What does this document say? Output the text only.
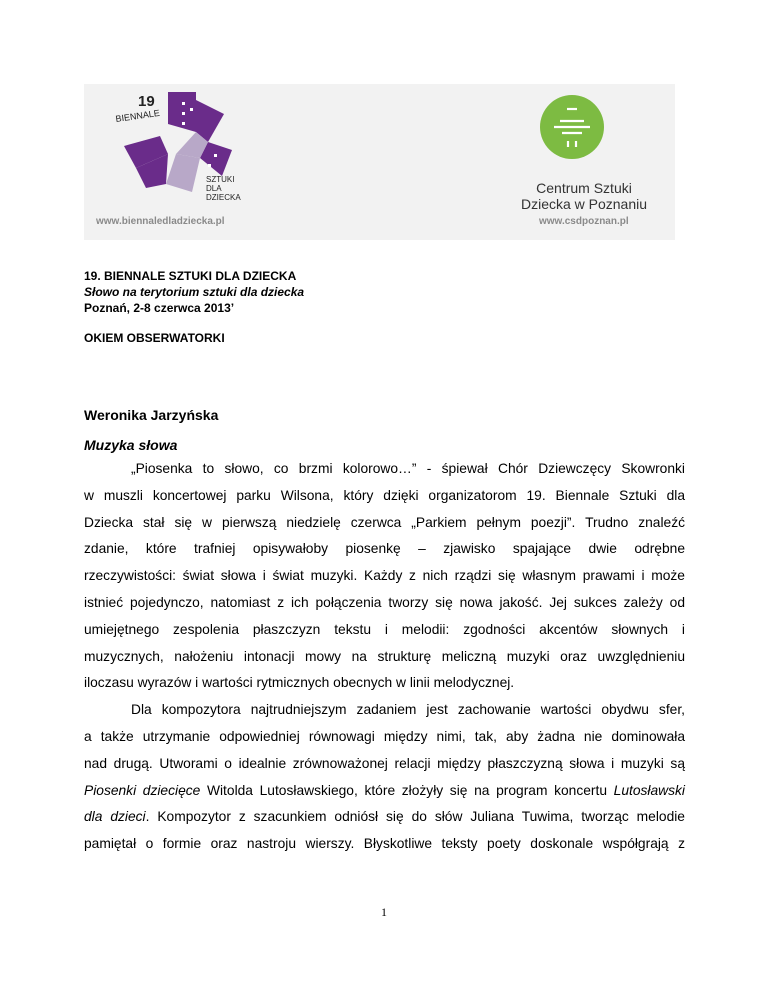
19
BIENNALE
SZTUKI
DLA
DZIECKA
www.biennaledladziecka.pl
Centrum Sztuki
Dziecka w Poznaniu
www.csdpoznan.pl
19. BIENNALE SZTUKI DLA DZIECKA
Słowo na terytorium sztuki dla dziecka
Poznań, 2-8 czerwca 2013’
OKIEM OBSERWATORKI
Weronika Jarzyńska
Muzyka słowa
„Piosenka to słowo, co brzmi kolorowo…” - śpiewał Chór Dziewczęcy Skowronki
w muszli koncertowej parku Wilsona, który dzięki organizatorom 19. Biennale Sztuki dla
Dziecka stał się w pierwszą niedzielę czerwca „Parkiem pełnym poezji”. Trudno znaleźć
zdanie, które trafniej opisywałoby piosenkę – zjawisko spajające dwie odrębne
rzeczywistości: świat słowa i świat muzyki. Każdy z nich rządzi się własnym prawami i może
istnieć pojedynczo, natomiast z ich połączenia tworzy się nowa jakość. Jej sukces zależy od
umiejętnego zespolenia płaszczyzn tekstu i melodii: zgodności akcentów słownych i
muzycznych, nałożeniu intonacji mowy na strukturę meliczną muzyki oraz uwzględnieniu
iloczasu wyrazów i wartości rytmicznych obecnych w linii melodycznej.
Dla kompozytora najtrudniejszym zadaniem jest zachowanie wartości obydwu sfer,
a także utrzymanie odpowiedniej równowagi między nimi, tak, aby żadna nie dominowała
nad drugą. Utworami o idealnie zrównoważonej relacji między płaszczyzną słowa i muzyki są
Piosenki dziecięce Witolda Lutosławskiego, które złożyły się na program koncertu Lutosławski
dla dzieci. Kompozytor z szacunkiem odniósł się do słów Juliana Tuwima, tworząc melodie
pamiętał o formie oraz nastroju wierszy. Błyskotliwe teksty poety doskonale współgrają z
1
